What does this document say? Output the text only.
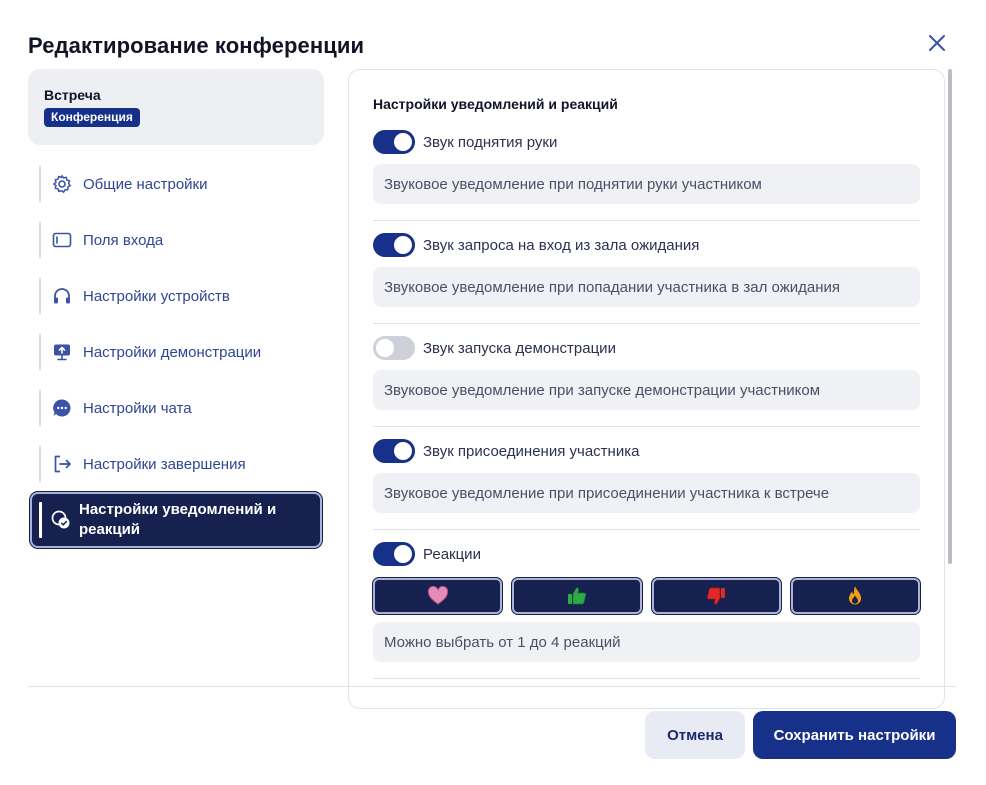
Редактирование конференции
Встреча
Конференция
Общие настройки
Поля входа
Настройки устройств
Настройки демонстрации
Настройки чата
Настройки завершения
Настройки уведомлений и реакций
Настройки уведомлений и реакций
Звук поднятия руки
Звуковое уведомление при поднятии руки участником
Звук запроса на вход из зала ожидания
Звуковое уведомление при попадании участника в зал ожидания
Звук запуска демонстрации
Звуковое уведомление при запуске демонстрации участником
Звук присоединения участника
Звуковое уведомление при присоединении участника к встрече
Реакции
Можно выбрать от 1 до 4 реакций
Отмена	Сохранить настройки
